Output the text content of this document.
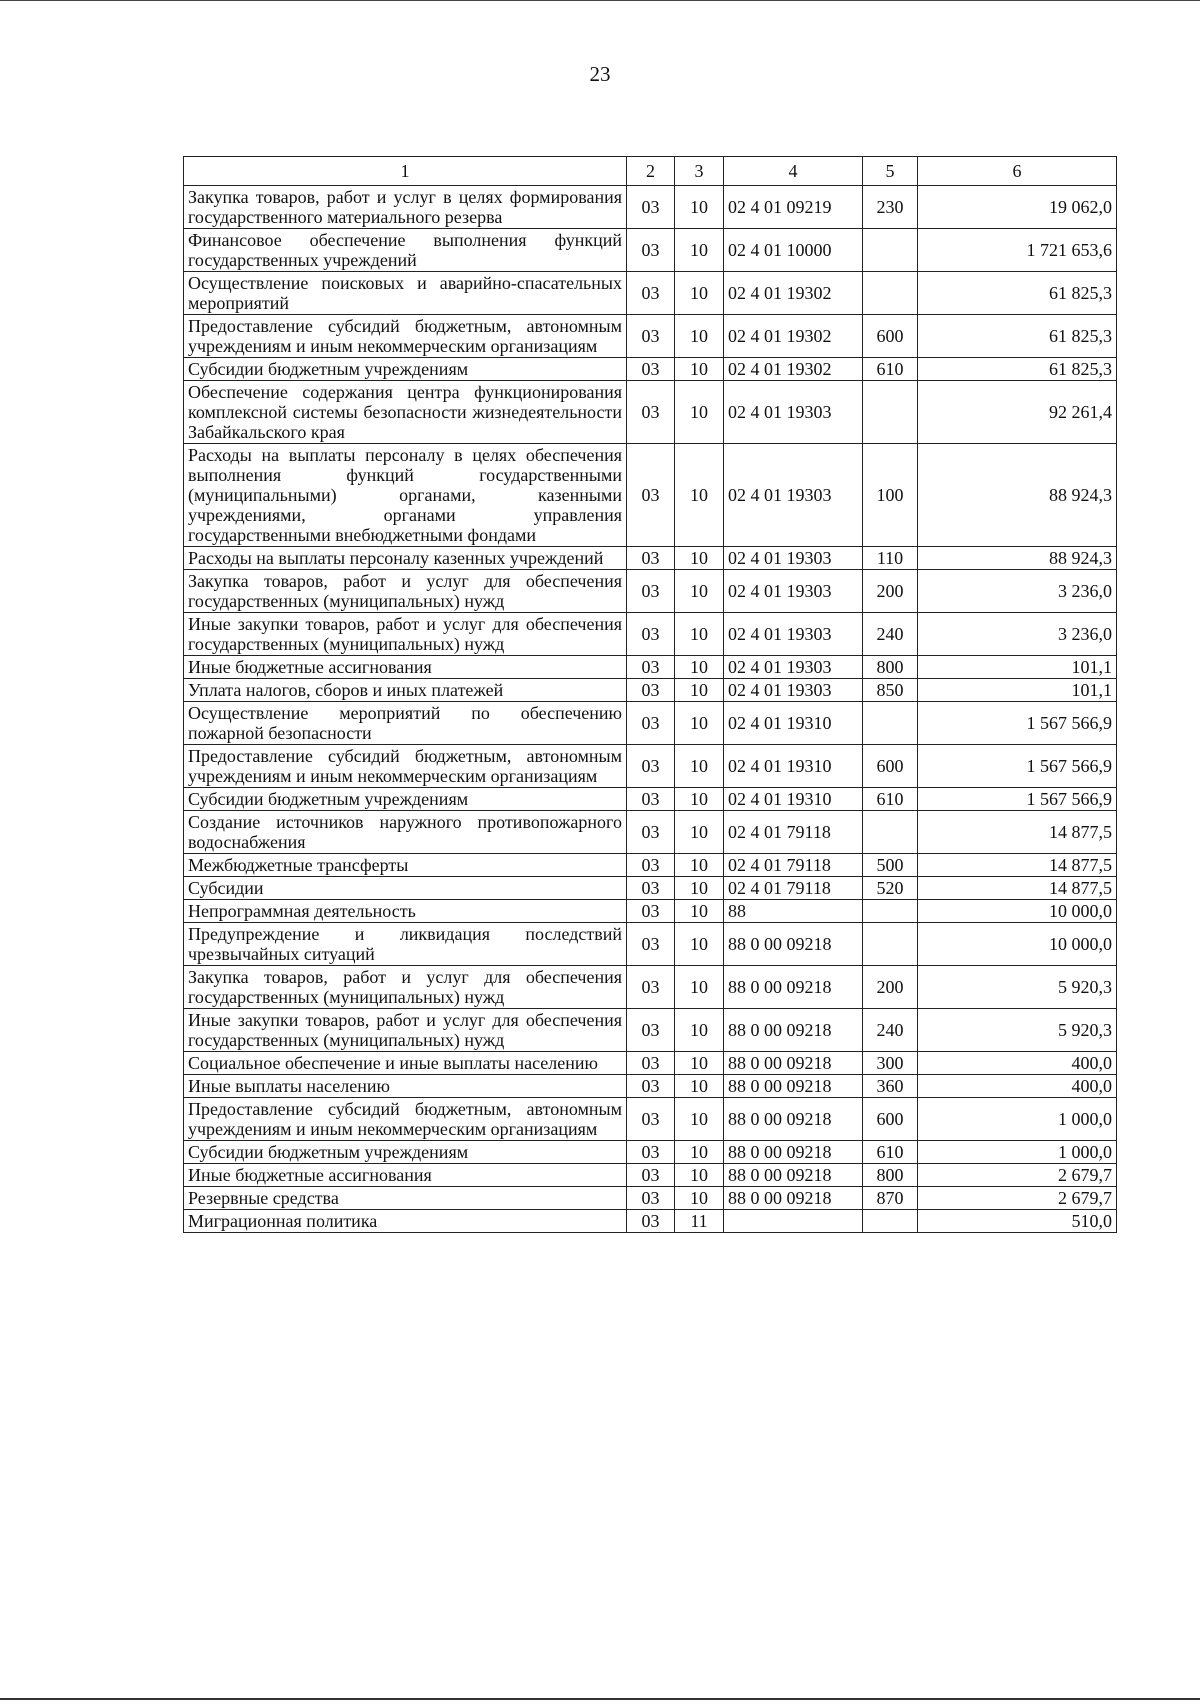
23
1	2	3	4	5	6
Закупка товаров, работ и услуг в целях формирования государственного материального резерва	03	10	02 4 01 09219	230	19 062,0
Финансовое обеспечение выполнения функций государственных учреждений	03	10	02 4 01 10000		1 721 653,6
Осуществление поисковых и аварийно-спасательных мероприятий	03	10	02 4 01 19302		61 825,3
Предоставление субсидий бюджетным, автономным учреждениям и иным некоммерческим организациям	03	10	02 4 01 19302	600	61 825,3
Субсидии бюджетным учреждениям	03	10	02 4 01 19302	610	61 825,3
Обеспечение содержания центра функционирования комплексной системы безопасности жизнедеятельности Забайкальского края	03	10	02 4 01 19303		92 261,4
Расходы на выплаты персоналу в целях обеспечения выполнения функций государственными (муниципальными) органами, казенными учреждениями, органами управления государственными внебюджетными фондами	03	10	02 4 01 19303	100	88 924,3
Расходы на выплаты персоналу казенных учреждений	03	10	02 4 01 19303	110	88 924,3
Закупка товаров, работ и услуг для обеспечения государственных (муниципальных) нужд	03	10	02 4 01 19303	200	3 236,0
Иные закупки товаров, работ и услуг для обеспечения государственных (муниципальных) нужд	03	10	02 4 01 19303	240	3 236,0
Иные бюджетные ассигнования	03	10	02 4 01 19303	800	101,1
Уплата налогов, сборов и иных платежей	03	10	02 4 01 19303	850	101,1
Осуществление мероприятий по обеспечению пожарной безопасности	03	10	02 4 01 19310		1 567 566,9
Предоставление субсидий бюджетным, автономным учреждениям и иным некоммерческим организациям	03	10	02 4 01 19310	600	1 567 566,9
Субсидии бюджетным учреждениям	03	10	02 4 01 19310	610	1 567 566,9
Создание источников наружного противопожарного водоснабжения	03	10	02 4 01 79118		14 877,5
Межбюджетные трансферты	03	10	02 4 01 79118	500	14 877,5
Субсидии	03	10	02 4 01 79118	520	14 877,5
Непрограммная деятельность	03	10	88		10 000,0
Предупреждение и ликвидация последствий чрезвычайных ситуаций	03	10	88 0 00 09218		10 000,0
Закупка товаров, работ и услуг для обеспечения государственных (муниципальных) нужд	03	10	88 0 00 09218	200	5 920,3
Иные закупки товаров, работ и услуг для обеспечения государственных (муниципальных) нужд	03	10	88 0 00 09218	240	5 920,3
Социальное обеспечение и иные выплаты населению	03	10	88 0 00 09218	300	400,0
Иные выплаты населению	03	10	88 0 00 09218	360	400,0
Предоставление субсидий бюджетным, автономным учреждениям и иным некоммерческим организациям	03	10	88 0 00 09218	600	1 000,0
Субсидии бюджетным учреждениям	03	10	88 0 00 09218	610	1 000,0
Иные бюджетные ассигнования	03	10	88 0 00 09218	800	2 679,7
Резервные средства	03	10	88 0 00 09218	870	2 679,7
Миграционная политика	03	11			510,0
